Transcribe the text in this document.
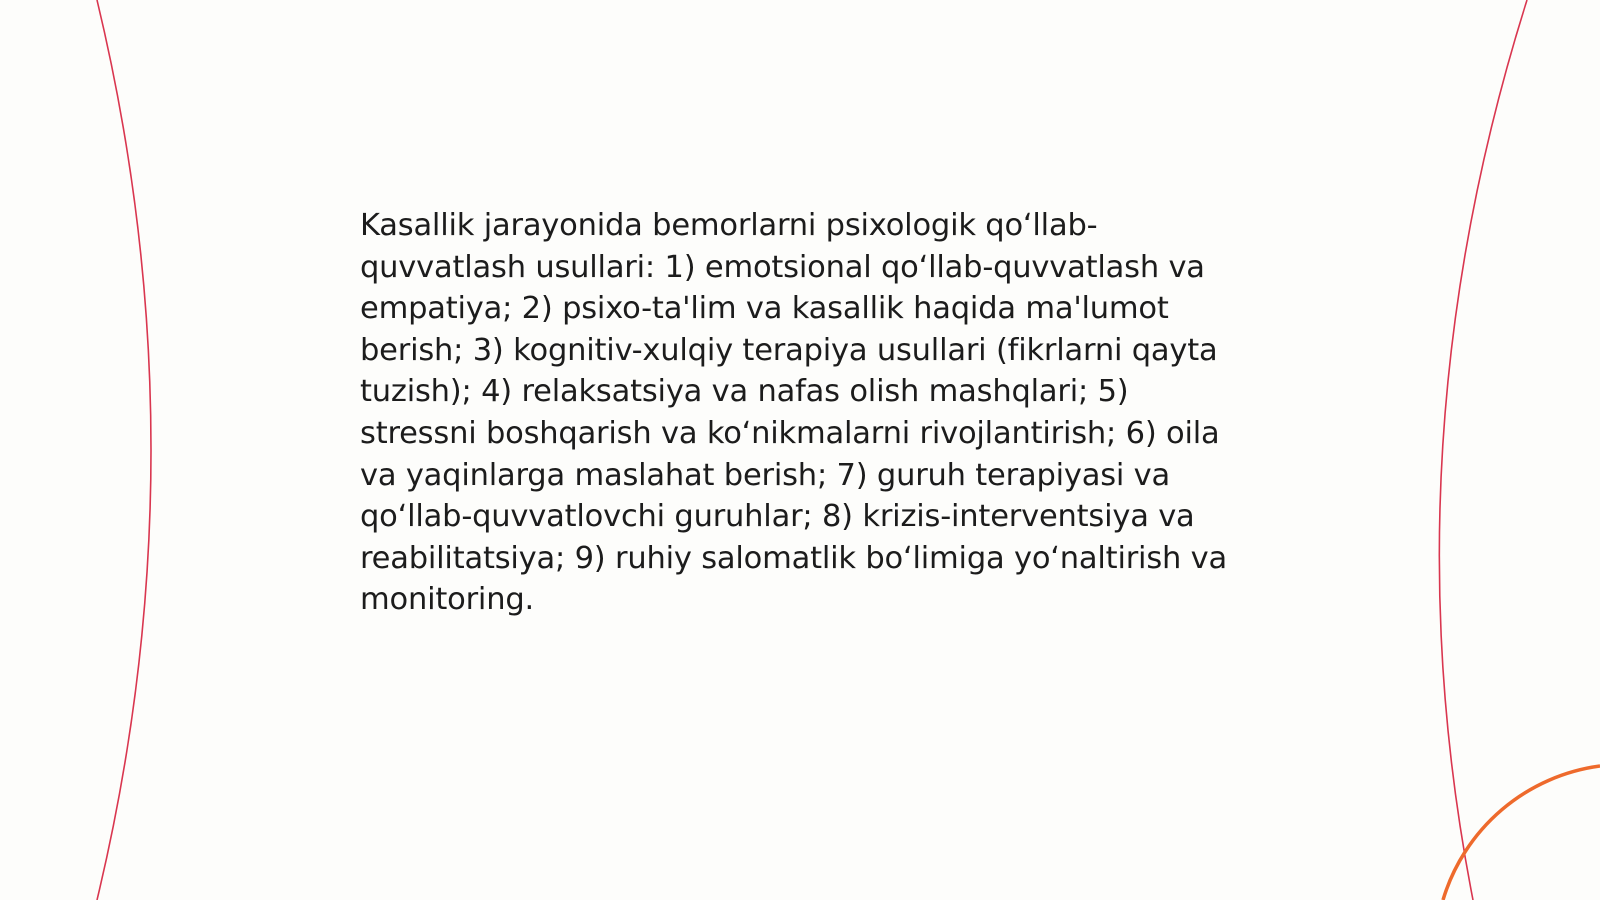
Kasallik jarayonida bemorlarni psixologik qo‘llab-quvvatlash usullari: 1) emotsional qo‘llab-quvvatlash va empatiya; 2) psixo-ta'lim va kasallik haqida ma'lumot berish; 3) kognitiv-xulqiy terapiya usullari (fikrlarni qayta tuzish); 4) relaksatsiya va nafas olish mashqlari; 5) stressni boshqarish va ko‘nikmalarni rivojlantirish; 6) oila va yaqinlarga maslahat berish; 7) guruh terapiyasi va qo‘llab-quvvatlovchi guruhlar; 8) krizis-interventsiya va reabilitatsiya; 9) ruhiy salomatlik bo‘limiga yo‘naltirish va monitoring.
